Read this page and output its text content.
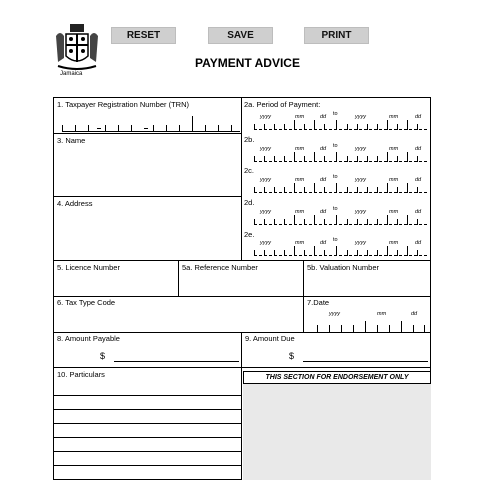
Jamaica
RESET	SAVE	PRINT
PAYMENT ADVICE
1. Taxpayer Registration Number (TRN)	2a. Period of Payment:
yyyy	mm	dd to	yyyy	mm	dd
2b.
yyyy	mm	dd to	yyyy	mm	dd
2c.
yyyy	mm	dd to	yyyy	mm	dd
2d.
yyyy	mm	dd to	yyyy	mm	dd
2e.
yyyy	mm	dd to	yyyy	mm	dd
3. Name
4. Address
5. Licence Number	5a. Reference Number	5b. Valuation Number
6. Tax Type Code	7.Date
yyyy	mm	dd
8. Amount Payable
$
9. Amount Due
$
10. Particulars	THIS SECTION FOR ENDORSEMENT ONLY
